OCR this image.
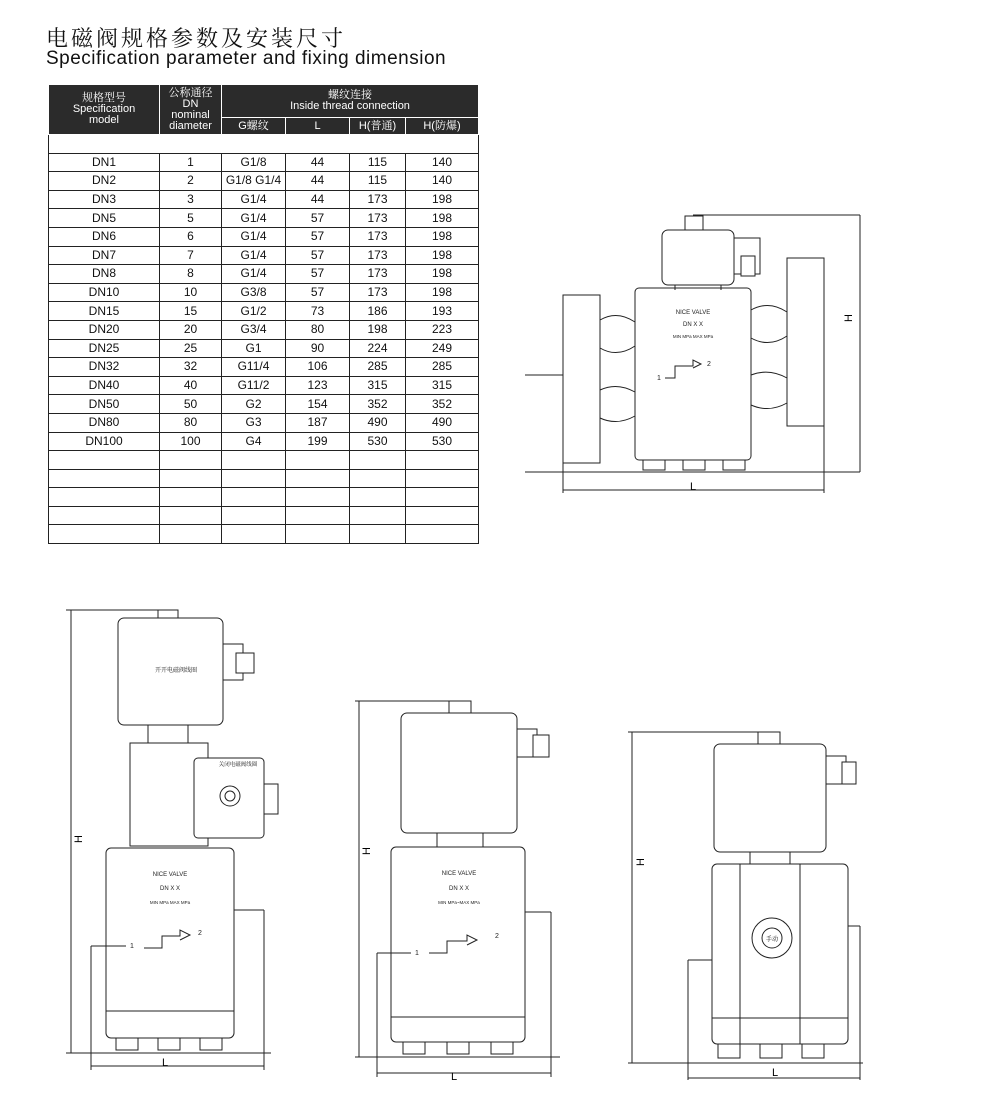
电磁阀规格参数及安装尺寸
Specification parameter and fixing dimension
规格型号
Specification
model	公称通径
DN
nominal
diameter	螺纹连接
Inside thread connection			

		G螺纹	L	H(普通)	H(防爆)

DN1	1	G1/8	44	115	140
DN2	2	G1/8 G1/4	44	115	140
DN3	3	G1/4	44	173	198
DN5	5	G1/4	57	173	198
DN6	6	G1/4	57	173	198
DN7	7	G1/4	57	173	198
DN8	8	G1/4	57	173	198
DN10	10	G3/8	57	173	198
DN15	15	G1/2	73	186	193
DN20	20	G3/4	80	198	223
DN25	25	G1	90	224	249
DN32	32	G11/4	106	285	285
DN40	40	G11/2	123	315	315
DN50	50	G2	154	352	352
DN80	80	G3	187	490	490
DN100	100	G4	199	530	530

NICE VALVE
DN X X
MIN MPa MAX MPa
1
2
H
L
开开电磁阀线圈
关闭电磁阀线圈
NICE VALVE
DN X X
MIN MPa MAX MPa
1
2
H
L
NICE VALVE
DN X X
MIN MPa~MAX MPa
1
2
H
L
手动
H
L
